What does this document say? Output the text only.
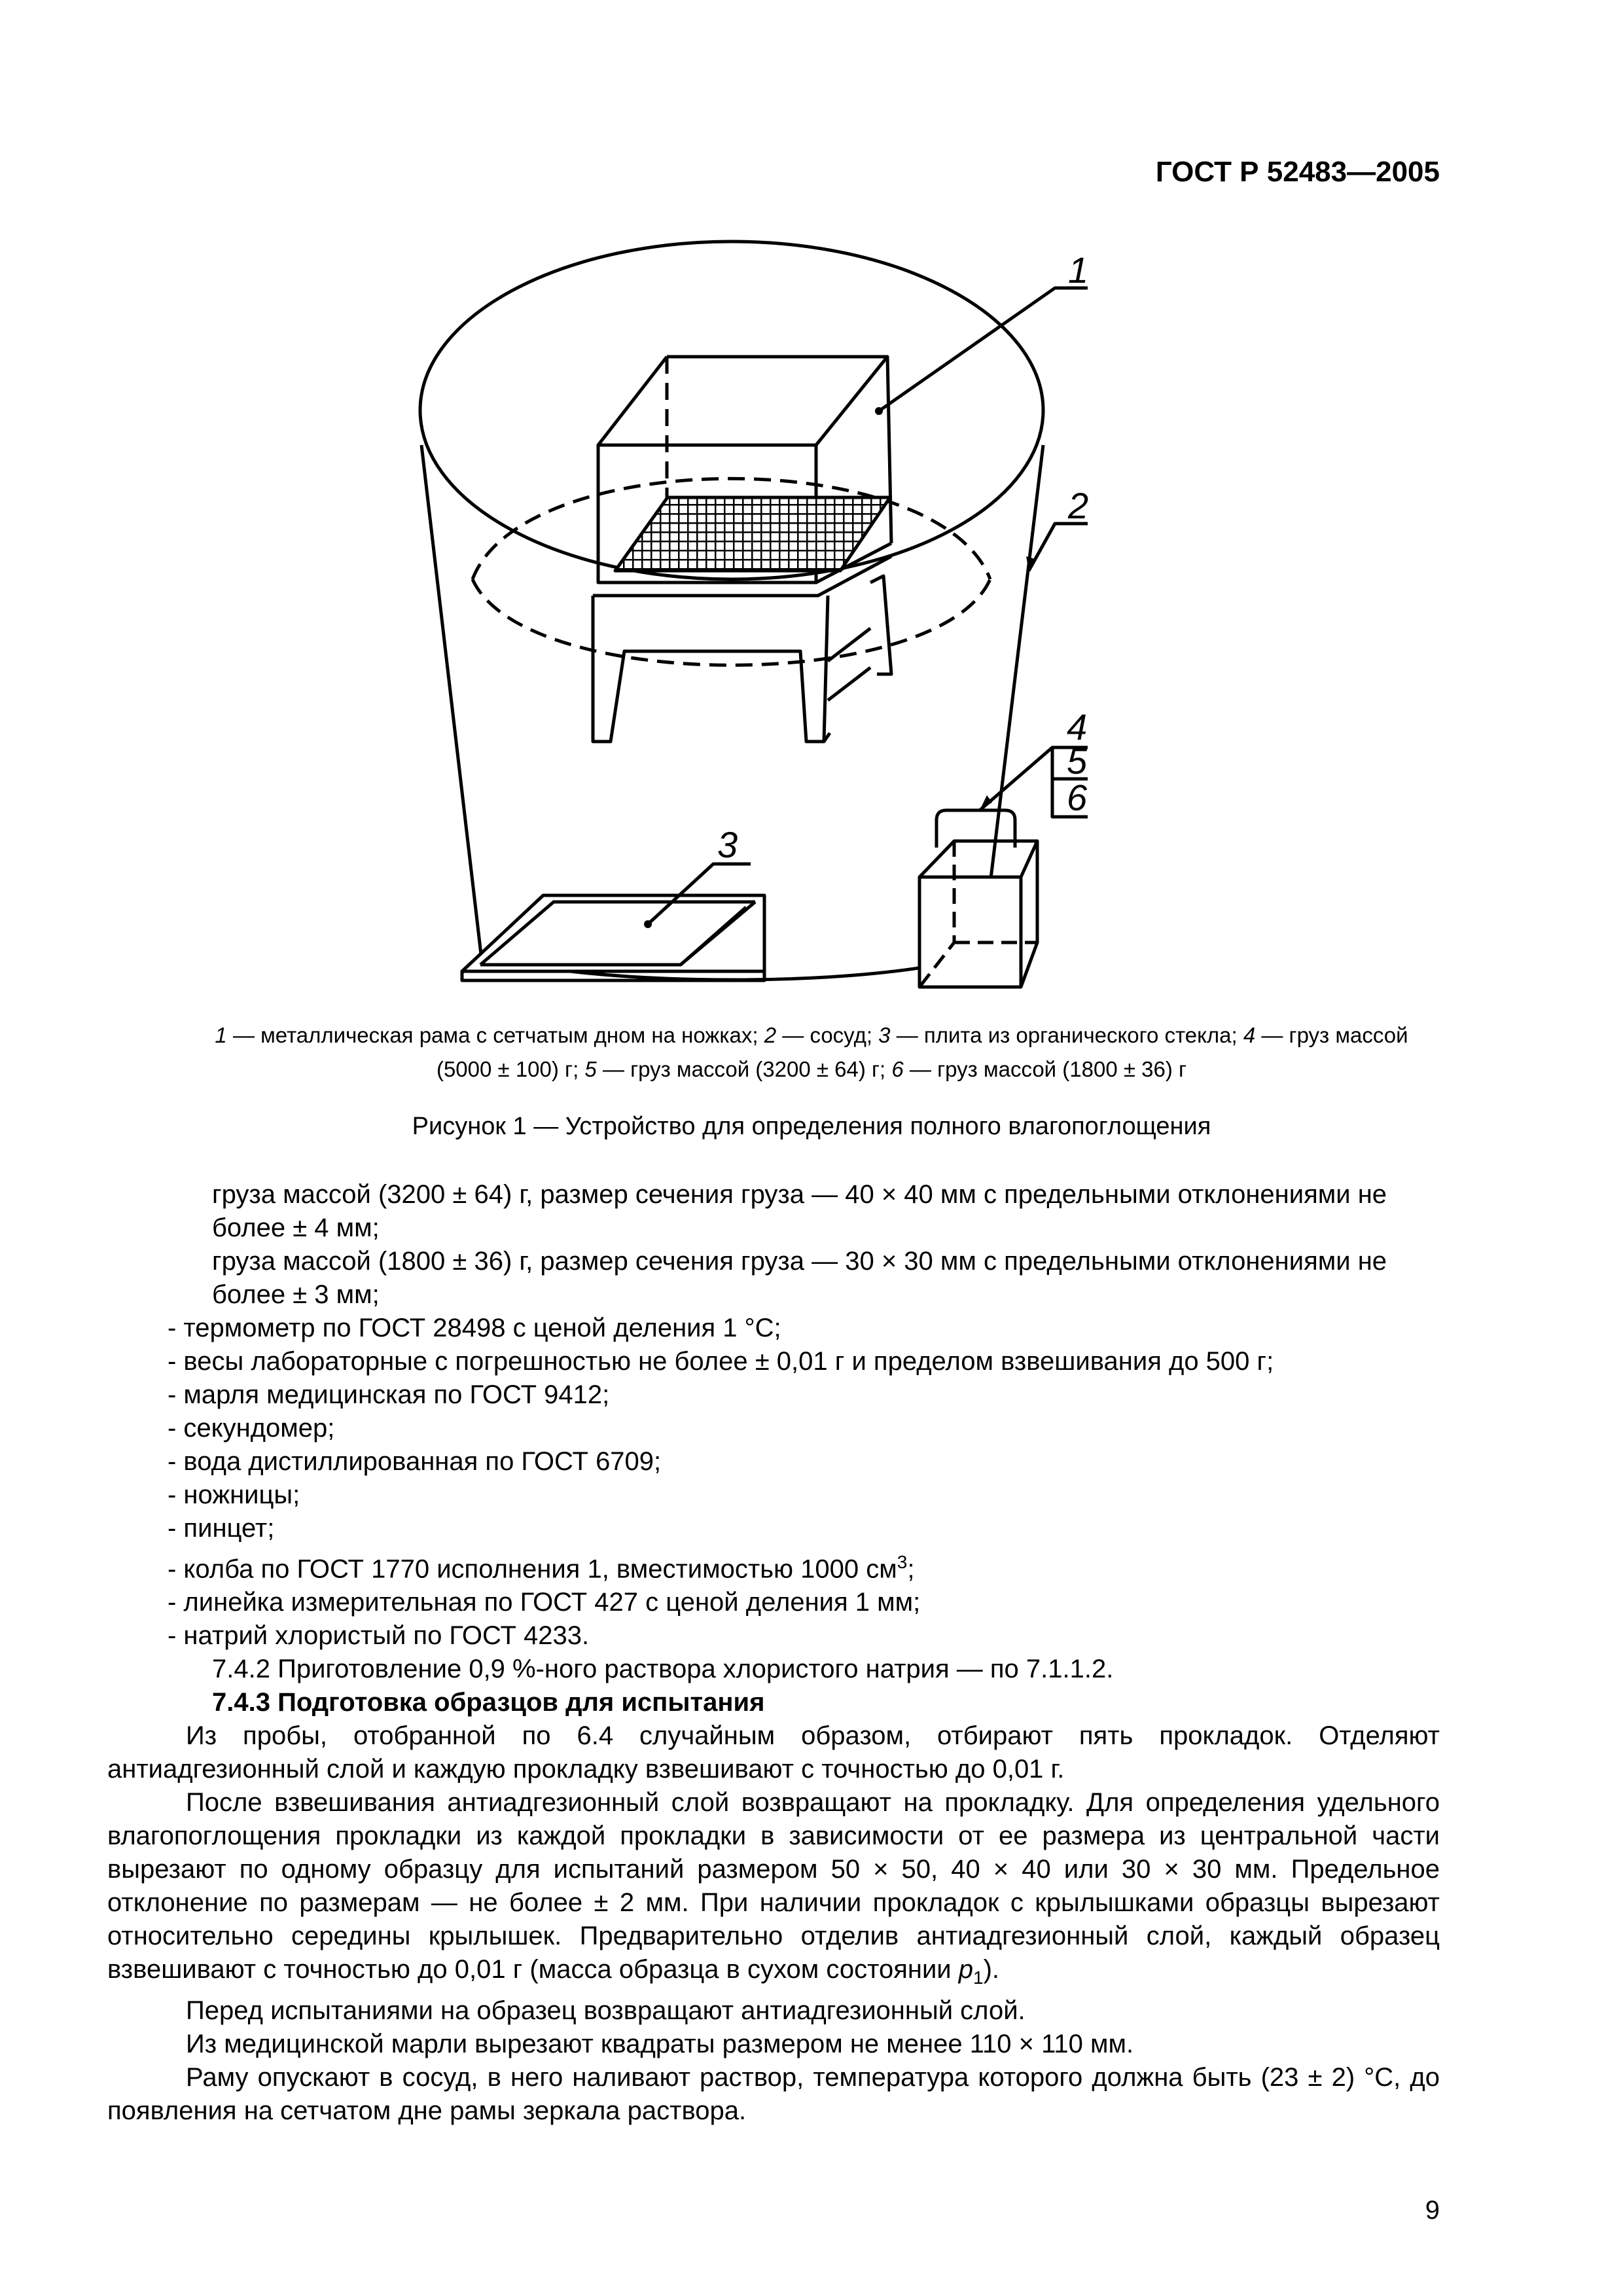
ГОСТ Р 52483—2005
1
2
3
4
5
6
1 — металлическая рама с сетчатым дном на ножках; 2 — сосуд; 3 — плита из органического стекла; 4 — груз массой
(5000 ± 100) г; 5 — груз массой (3200 ± 64) г; 6 — груз массой (1800 ± 36) г
Рисунок 1 — Устройство для определения полного влагопоглощения

груза массой (3200 ± 64) г, размер сечения груза — 40 × 40 мм с предельными отклонениями не

более ± 4 мм;

груза массой (1800 ± 36) г, размер сечения груза — 30 × 30 мм с предельными отклонениями не

более ± 3 мм;

- термометр по ГОСТ 28498 с ценой деления 1 °С;

- весы лабораторные с погрешностью не более ± 0,01 г и пределом взвешивания до 500 г;

- марля медицинская по ГОСТ 9412;

- секундомер;

- вода дистиллированная по ГОСТ 6709;

- ножницы;

- пинцет;

- колба по ГОСТ 1770 исполнения 1, вместимостью 1000 $см^3$;

- линейка измерительная по ГОСТ 427 с ценой деления 1 мм;

- натрий хлористый по ГОСТ 4233.

7.4.2 Приготовление 0,9 %-ного раствора хлористого натрия — по 7.1.1.2.

7.4.3 Подготовка образцов для испытания

Из пробы, отобранной по 6.4 случайным образом, отбирают пять прокладок. Отделяют антиадгезионный слой и каждую прокладку взвешивают с точностью до 0,01 г.

После взвешивания антиадгезионный слой возвращают на прокладку. Для определения удельного влагопоглощения прокладки из каждой прокладки в зависимости от ее размера из центральной части вырезают по одному образцу для испытаний размером 50 × 50, 40 × 40 или 30 × 30 мм. Предельное отклонение по размерам — не более ± 2 мм. При наличии прокладок с крылышками образцы вырезают относительно середины крылышек. Предварительно отделив антиадгезионный слой, каждый образец взвешивают с точностью до 0,01 г (масса образца в сухом состоянии $p_1$).

Перед испытаниями на образец возвращают антиадгезионный слой.

Из медицинской марли вырезают квадраты размером не менее 110 × 110 мм.

Раму опускают в сосуд, в него наливают раствор, температура которого должна быть (23 ± 2) °С, до появления на сетчатом дне рамы зеркала раствора.

9
